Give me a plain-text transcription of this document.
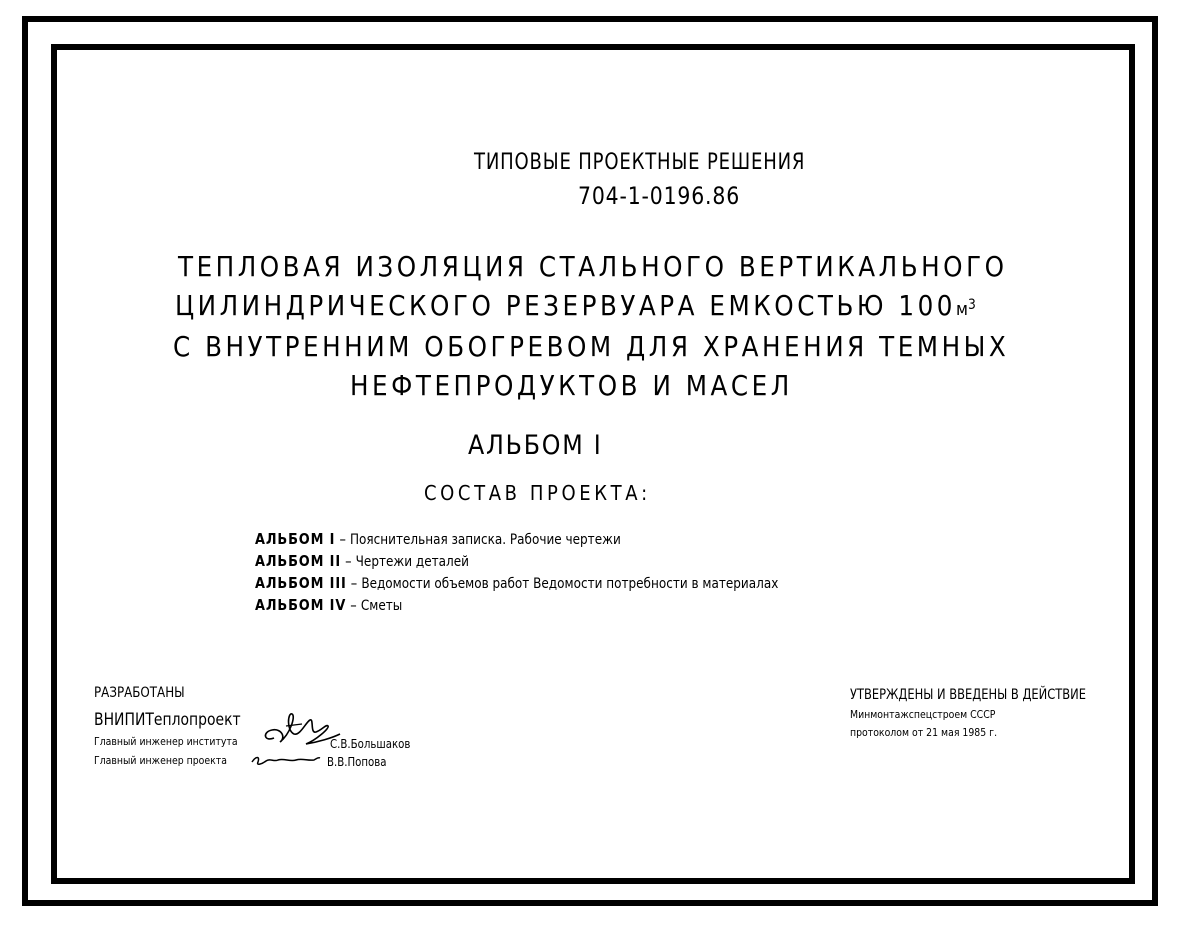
ТИПОВЫЕ ПРОЕКТНЫЕ РЕШЕНИЯ
704-1-0196.86
ТЕПЛОВАЯ ИЗОЛЯЦИЯ СТАЛЬНОГО ВЕРТИКАЛЬНОГО
ЦИЛИНДРИЧЕСКОГО РЕЗЕРВУАРА ЕМКОСТЬЮ $100м^3$
С ВНУТРЕННИМ ОБОГРЕВОМ ДЛЯ ХРАНЕНИЯ ТЕМНЫХ
НЕФТЕПРОДУКТОВ И МАСЕЛ
АЛЬБОМ I
СОСТАВ ПРОЕКТА:
АЛЬБОМ I – Пояснительная записка. Рабочие чертежи
АЛЬБОМ II – Чертежи деталей
АЛЬБОМ III – Ведомости объемов работ Ведомости потребности в материалах
АЛЬБОМ IV – Сметы
РАЗРАБОТАНЫ
ВНИПИТеплопроект
Главный инженер института	С.В.Большаков
Главный инженер проекта	В.В.Попова
УТВЕРЖДЕНЫ И ВВЕДЕНЫ В ДЕЙСТВИЕ
Минмонтажспецстроем СССР
протоколом от 21 мая 1985 г.
